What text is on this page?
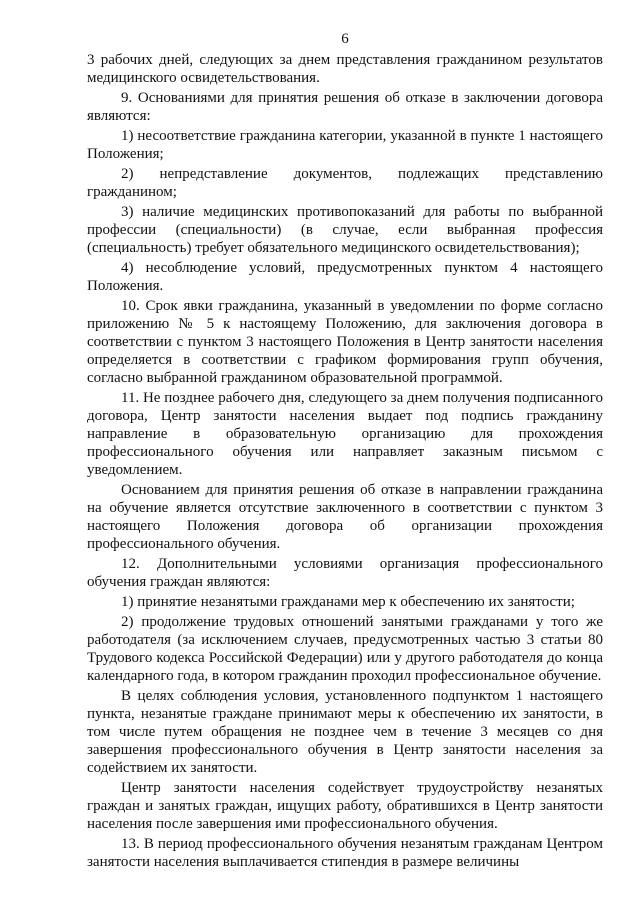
6

3 рабочих дней, следующих за днем представления гражданином результатов медицинского освидетельствования.

9. Основаниями для принятия решения об отказе в заключении договора являются:

1) несоответствие гражданина категории, указанной в пункте 1 настоящего Положения;

2) непредставление документов, подлежащих представлению гражданином;

3) наличие медицинских противопоказаний для работы по выбранной профессии (специальности) (в случае, если выбранная профессия (специальность) требует обязательного медицинского освидетельствования);

4) несоблюдение условий, предусмотренных пунктом 4 настоящего Положения.

10. Срок явки гражданина, указанный в уведомлении по форме согласно приложению № 5 к настоящему Положению, для заключения договора в соответствии с пунктом 3 настоящего Положения в Центр занятости населения определяется в соответствии с графиком формирования групп обучения, согласно выбранной гражданином образовательной программой.

11. Не позднее рабочего дня, следующего за днем получения подписанного договора, Центр занятости населения выдает под подпись гражданину направление в образовательную организацию для прохождения профессионального обучения или направляет заказным письмом с уведомлением.

Основанием для принятия решения об отказе в направлении гражданина на обучение является отсутствие заключенного в соответствии с пунктом 3 настоящего Положения договора об организации прохождения профессионального обучения.

12. Дополнительными условиями организация профессионального обучения граждан являются:

1) принятие незанятыми гражданами мер к обеспечению их занятости;

2) продолжение трудовых отношений занятыми гражданами у того же работодателя (за исключением случаев, предусмотренных частью 3 статьи 80 Трудового кодекса Российской Федерации) или у другого работодателя до конца календарного года, в котором гражданин проходил профессиональное обучение.

В целях соблюдения условия, установленного подпунктом 1 настоящего пункта, незанятые граждане принимают меры к обеспечению их занятости, в том числе путем обращения не позднее чем в течение 3 месяцев со дня завершения профессионального обучения в Центр занятости населения за содействием их занятости.

Центр занятости населения содействует трудоустройству незанятых граждан и занятых граждан, ищущих работу, обратившихся в Центр занятости населения после завершения ими профессионального обучения.

13. В период профессионального обучения незанятым гражданам Центром занятости населения выплачивается стипендия в размере величины
